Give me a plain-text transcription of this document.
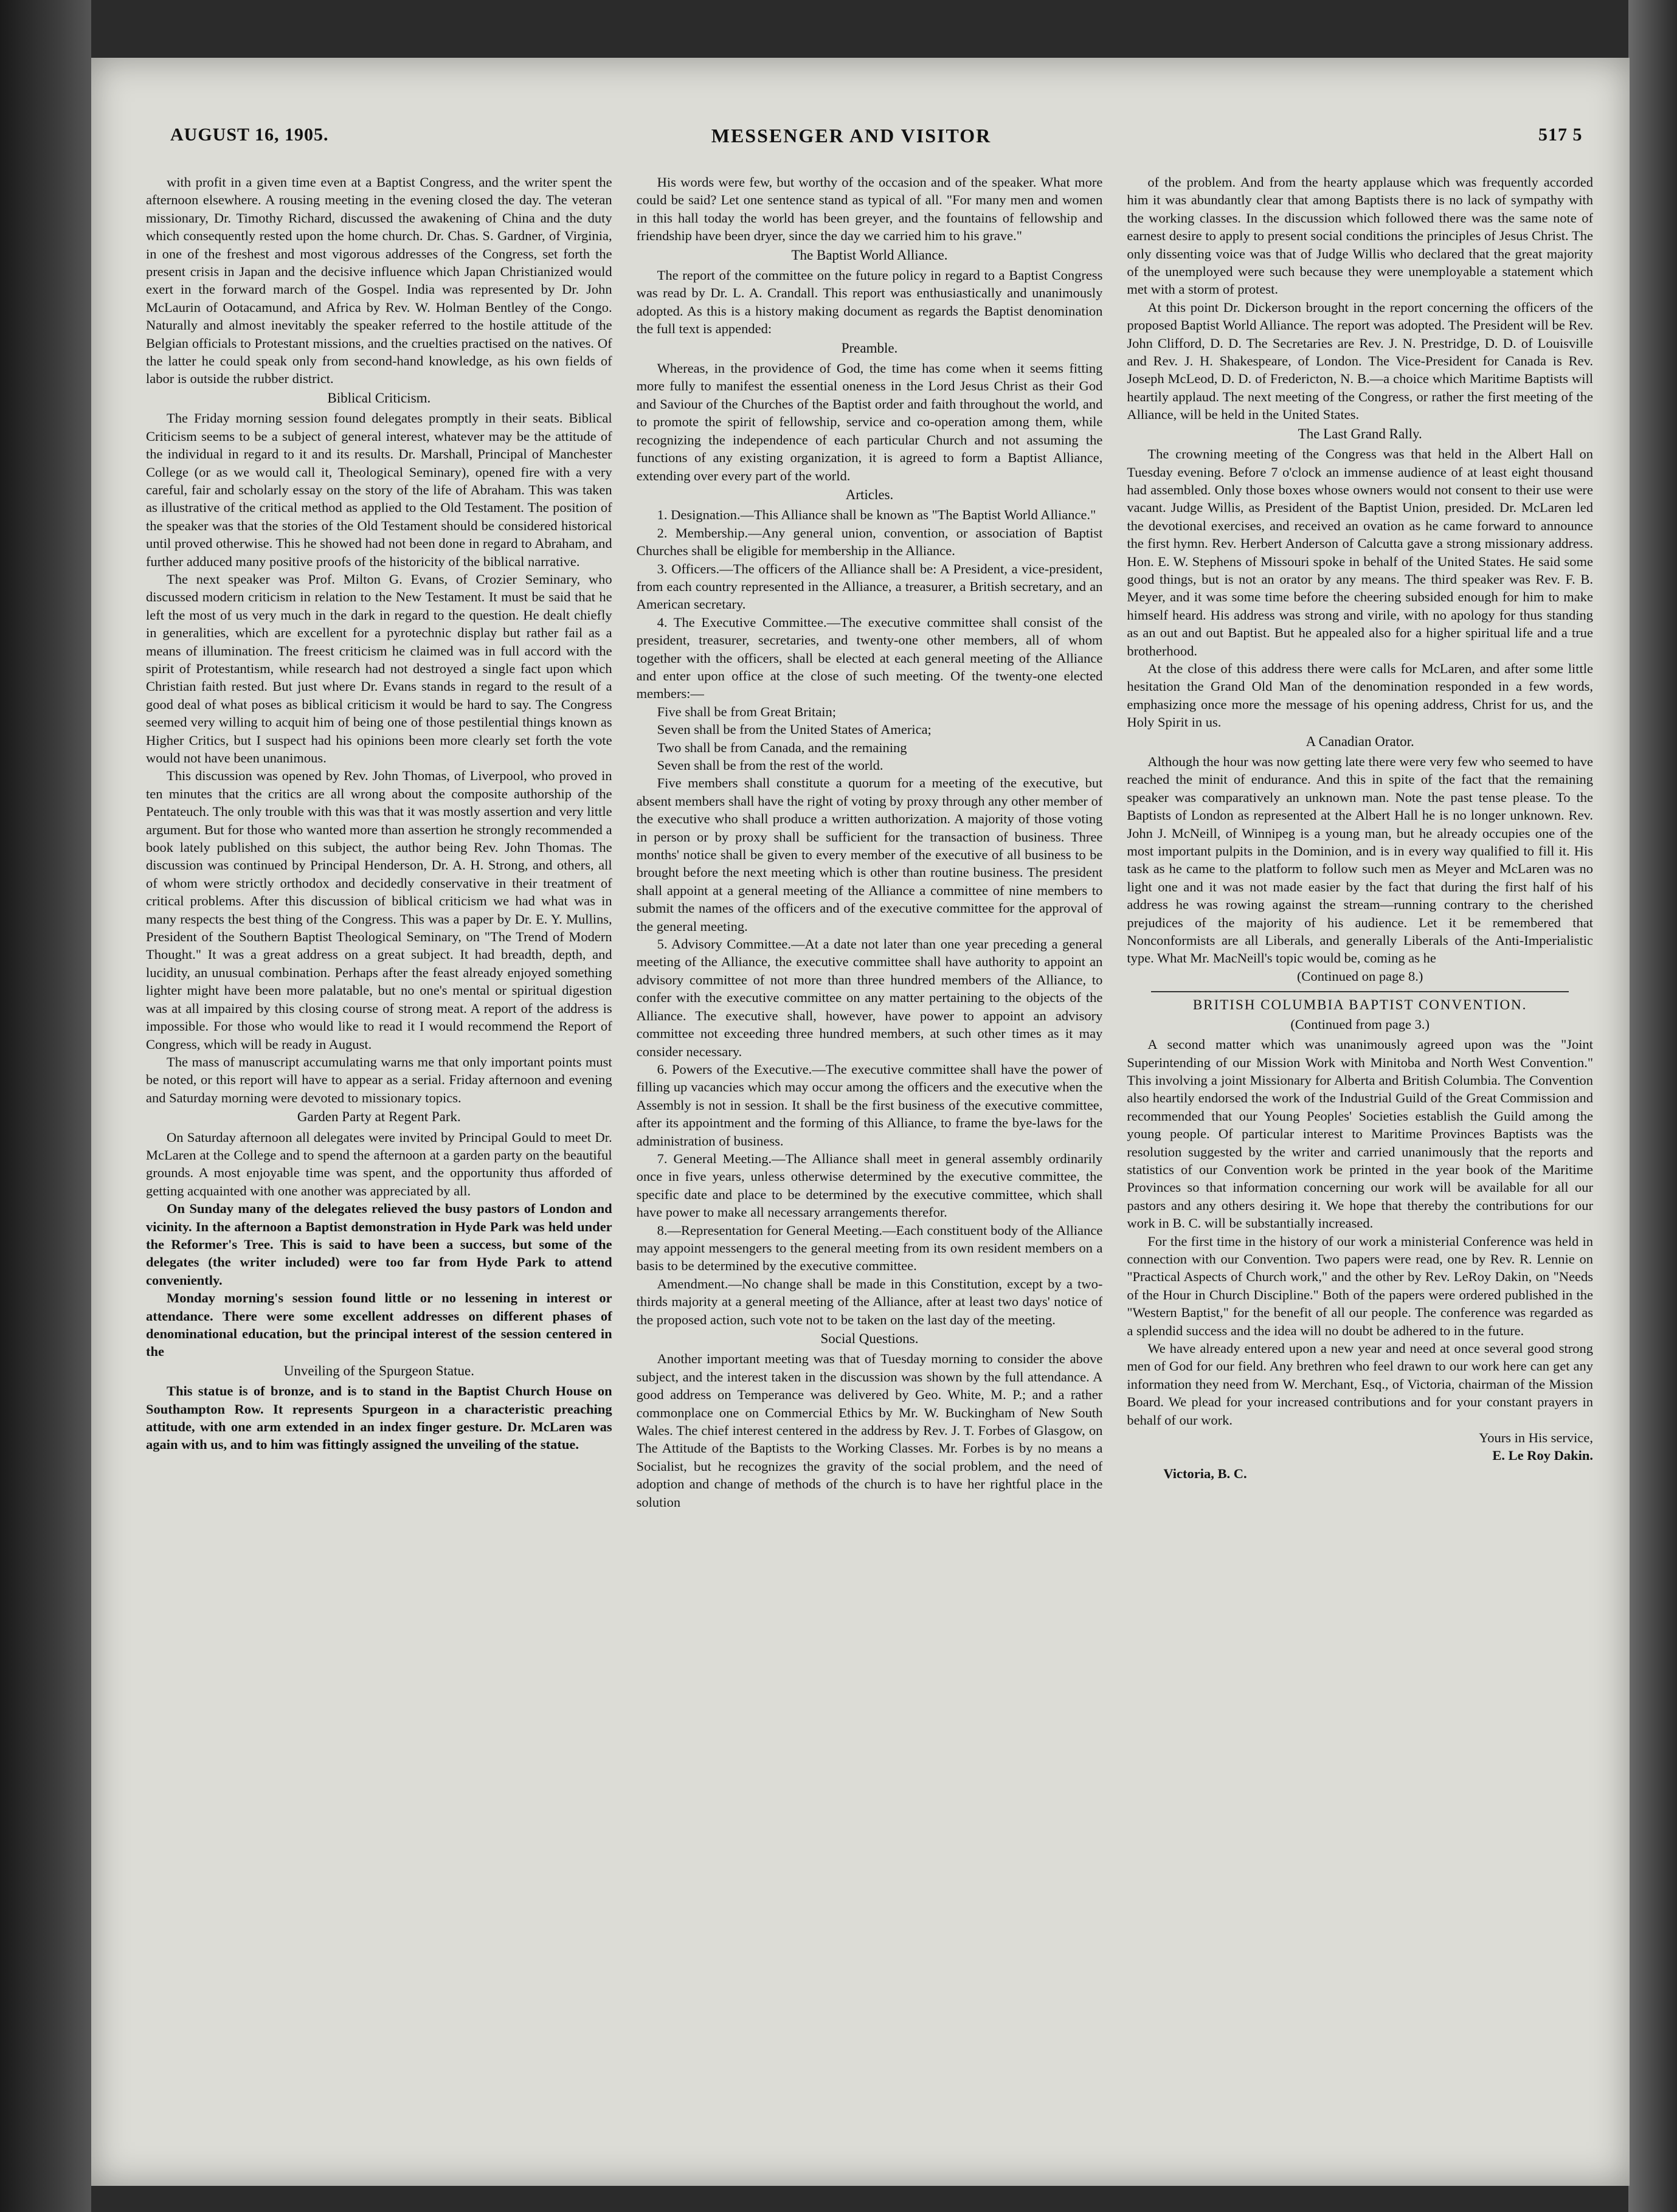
AUGUST 16, 1905.	MESSENGER AND VISITOR	517 5

with profit in a given time even at a Baptist Congress, and the writer spent the afternoon elsewhere. A rousing meeting in the evening closed the day. The veteran missionary, Dr. Timothy Richard, discussed the awakening of China and the duty which consequently rested upon the home church. Dr. Chas. S. Gardner, of Virginia, in one of the freshest and most vigorous addresses of the Congress, set forth the present crisis in Japan and the decisive influence which Japan Christianized would exert in the forward march of the Gospel. India was represented by Dr. John McLaurin of Ootacamund, and Africa by Rev. W. Holman Bentley of the Congo. Naturally and almost inevitably the speaker referred to the hostile attitude of the Belgian officials to Protestant missions, and the cruelties practised on the natives. Of the latter he could speak only from second-hand knowledge, as his own fields of labor is outside the rubber district.

Biblical Criticism.

The Friday morning session found delegates promptly in their seats. Biblical Criticism seems to be a subject of general interest, whatever may be the attitude of the individual in regard to it and its results. Dr. Marshall, Principal of Manchester College (or as we would call it, Theological Seminary), opened fire with a very careful, fair and scholarly essay on the story of the life of Abraham. This was taken as illustrative of the critical method as applied to the Old Testament. The position of the speaker was that the stories of the Old Testament should be considered historical until proved otherwise. This he showed had not been done in regard to Abraham, and further adduced many positive proofs of the historicity of the biblical narrative.

The next speaker was Prof. Milton G. Evans, of Crozier Seminary, who discussed modern criticism in relation to the New Testament. It must be said that he left the most of us very much in the dark in regard to the question. He dealt chiefly in generalities, which are excellent for a pyrotechnic display but rather fail as a means of illumination. The freest criticism he claimed was in full accord with the spirit of Protestantism, while research had not destroyed a single fact upon which Christian faith rested. But just where Dr. Evans stands in regard to the result of a good deal of what poses as biblical criticism it would be hard to say. The Congress seemed very willing to acquit him of being one of those pestilential things known as Higher Critics, but I suspect had his opinions been more clearly set forth the vote would not have been unanimous.

This discussion was opened by Rev. John Thomas, of Liverpool, who proved in ten minutes that the critics are all wrong about the composite authorship of the Pentateuch. The only trouble with this was that it was mostly assertion and very little argument. But for those who wanted more than assertion he strongly recommended a book lately published on this subject, the author being Rev. John Thomas. The discussion was continued by Principal Henderson, Dr. A. H. Strong, and others, all of whom were strictly orthodox and decidedly conservative in their treatment of critical problems. After this discussion of biblical criticism we had what was in many respects the best thing of the Congress. This was a paper by Dr. E. Y. Mullins, President of the Southern Baptist Theological Seminary, on "The Trend of Modern Thought." It was a great address on a great subject. It had breadth, depth, and lucidity, an unusual combination. Perhaps after the feast already enjoyed something lighter might have been more palatable, but no one's mental or spiritual digestion was at all impaired by this closing course of strong meat. A report of the address is impossible. For those who would like to read it I would recommend the Report of Congress, which will be ready in August.

The mass of manuscript accumulating warns me that only important points must be noted, or this report will have to appear as a serial. Friday afternoon and evening and Saturday morning were devoted to missionary topics.

Garden Party at Regent Park.

On Saturday afternoon all delegates were invited by Principal Gould to meet Dr. McLaren at the College and to spend the afternoon at a garden party on the beautiful grounds. A most enjoyable time was spent, and the opportunity thus afforded of getting acquainted with one another was appreciated by all.

On Sunday many of the delegates relieved the busy pastors of London and vicinity. In the afternoon a Baptist demonstration in Hyde Park was held under the Reformer's Tree. This is said to have been a success, but some of the delegates (the writer included) were too far from Hyde Park to attend conveniently.

Monday morning's session found little or no lessening in interest or attendance. There were some excellent addresses on different phases of denominational education, but the principal interest of the session centered in the

Unveiling of the Spurgeon Statue.

This statue is of bronze, and is to stand in the Baptist Church House on Southampton Row. It represents Spurgeon in a characteristic preaching attitude, with one arm extended in an index finger gesture. Dr. McLaren was again with us, and to him was fittingly assigned the unveiling of the statue.

His words were few, but worthy of the occasion and of the speaker. What more could be said? Let one sentence stand as typical of all. "For many men and women in this hall today the world has been greyer, and the fountains of fellowship and friendship have been dryer, since the day we carried him to his grave."

The Baptist World Alliance.

The report of the committee on the future policy in regard to a Baptist Congress was read by Dr. L. A. Crandall. This report was enthusiastically and unanimously adopted. As this is a history making document as regards the Baptist denomination the full text is appended:

Preamble.

Whereas, in the providence of God, the time has come when it seems fitting more fully to manifest the essential oneness in the Lord Jesus Christ as their God and Saviour of the Churches of the Baptist order and faith throughout the world, and to promote the spirit of fellowship, service and co-operation among them, while recognizing the independence of each particular Church and not assuming the functions of any existing organization, it is agreed to form a Baptist Alliance, extending over every part of the world.

Articles.

1. Designation.—This Alliance shall be known as "The Baptist World Alliance."

2. Membership.—Any general union, convention, or association of Baptist Churches shall be eligible for membership in the Alliance.

3. Officers.—The officers of the Alliance shall be: A President, a vice-president, from each country represented in the Alliance, a treasurer, a British secretary, and an American secretary.

4. The Executive Committee.—The executive committee shall consist of the president, treasurer, secretaries, and twenty-one other members, all of whom together with the officers, shall be elected at each general meeting of the Alliance and enter upon office at the close of such meeting. Of the twenty-one elected members:—

Five shall be from Great Britain;

Seven shall be from the United States of America;

Two shall be from Canada, and the remaining

Seven shall be from the rest of the world.

Five members shall constitute a quorum for a meeting of the executive, but absent members shall have the right of voting by proxy through any other member of the executive who shall produce a written authorization. A majority of those voting in person or by proxy shall be sufficient for the transaction of business. Three months' notice shall be given to every member of the executive of all business to be brought before the next meeting which is other than routine business. The president shall appoint at a general meeting of the Alliance a committee of nine members to submit the names of the officers and of the executive committee for the approval of the general meeting.

5. Advisory Committee.—At a date not later than one year preceding a general meeting of the Alliance, the executive committee shall have authority to appoint an advisory committee of not more than three hundred members of the Alliance, to confer with the executive committee on any matter pertaining to the objects of the Alliance. The executive shall, however, have power to appoint an advisory committee not exceeding three hundred members, at such other times as it may consider necessary.

6. Powers of the Executive.—The executive committee shall have the power of filling up vacancies which may occur among the officers and the executive when the Assembly is not in session. It shall be the first business of the executive committee, after its appointment and the forming of this Alliance, to frame the bye-laws for the administration of business.

7. General Meeting.—The Alliance shall meet in general assembly ordinarily once in five years, unless otherwise determined by the executive committee, the specific date and place to be determined by the executive committee, which shall have power to make all necessary arrangements therefor.

8.—Representation for General Meeting.—Each constituent body of the Alliance may appoint messengers to the general meeting from its own resident members on a basis to be determined by the executive committee.

Amendment.—No change shall be made in this Constitution, except by a two-thirds majority at a general meeting of the Alliance, after at least two days' notice of the proposed action, such vote not to be taken on the last day of the meeting.

Social Questions.

Another important meeting was that of Tuesday morning to consider the above subject, and the interest taken in the discussion was shown by the full attendance. A good address on Temperance was delivered by Geo. White, M. P.; and a rather commonplace one on Commercial Ethics by Mr. W. Buckingham of New South Wales. The chief interest centered in the address by Rev. J. T. Forbes of Glasgow, on The Attitude of the Baptists to the Working Classes. Mr. Forbes is by no means a Socialist, but he recognizes the gravity of the social problem, and the need of adoption and change of methods of the church is to have her rightful place in the solution

of the problem. And from the hearty applause which was frequently accorded him it was abundantly clear that among Baptists there is no lack of sympathy with the working classes. In the discussion which followed there was the same note of earnest desire to apply to present social conditions the principles of Jesus Christ. The only dissenting voice was that of Judge Willis who declared that the great majority of the unemployed were such because they were unemployable a statement which met with a storm of protest.

At this point Dr. Dickerson brought in the report concerning the officers of the proposed Baptist World Alliance. The report was adopted. The President will be Rev. John Clifford, D. D. The Secretaries are Rev. J. N. Prestridge, D. D. of Louisville and Rev. J. H. Shakespeare, of London. The Vice-President for Canada is Rev. Joseph McLeod, D. D. of Fredericton, N. B.—a choice which Maritime Baptists will heartily applaud. The next meeting of the Congress, or rather the first meeting of the Alliance, will be held in the United States.

The Last Grand Rally.

The crowning meeting of the Congress was that held in the Albert Hall on Tuesday evening. Before 7 o'clock an immense audience of at least eight thousand had assembled. Only those boxes whose owners would not consent to their use were vacant. Judge Willis, as President of the Baptist Union, presided. Dr. McLaren led the devotional exercises, and received an ovation as he came forward to announce the first hymn. Rev. Herbert Anderson of Calcutta gave a strong missionary address. Hon. E. W. Stephens of Missouri spoke in behalf of the United States. He said some good things, but is not an orator by any means. The third speaker was Rev. F. B. Meyer, and it was some time before the cheering subsided enough for him to make himself heard. His address was strong and virile, with no apology for thus standing as an out and out Baptist. But he appealed also for a higher spiritual life and a true brotherhood.

At the close of this address there were calls for McLaren, and after some little hesitation the Grand Old Man of the denomination responded in a few words, emphasizing once more the message of his opening address, Christ for us, and the Holy Spirit in us.

A Canadian Orator.

Although the hour was now getting late there were very few who seemed to have reached the minit of endurance. And this in spite of the fact that the remaining speaker was comparatively an unknown man. Note the past tense please. To the Baptists of London as represented at the Albert Hall he is no longer unknown. Rev. John J. McNeill, of Winnipeg is a young man, but he already occupies one of the most important pulpits in the Dominion, and is in every way qualified to fill it. His task as he came to the platform to follow such men as Meyer and McLaren was no light one and it was not made easier by the fact that during the first half of his address he was rowing against the stream—running contrary to the cherished prejudices of the majority of his audience. Let it be remembered that Nonconformists are all Liberals, and generally Liberals of the Anti-Imperialistic type. What Mr. MacNeill's topic would be, coming as he

(Continued on page 8.)

BRITISH COLUMBIA BAPTIST CONVENTION.

(Continued from page 3.)

A second matter which was unanimously agreed upon was the "Joint Superintending of our Mission Work with Minitoba and North West Convention." This involving a joint Missionary for Alberta and British Columbia. The Convention also heartily endorsed the work of the Industrial Guild of the Great Commission and recommended that our Young Peoples' Societies establish the Guild among the young people. Of particular interest to Maritime Provinces Baptists was the resolution suggested by the writer and carried unanimously that the reports and statistics of our Convention work be printed in the year book of the Maritime Provinces so that information concerning our work will be available for all our pastors and any others desiring it. We hope that thereby the contributions for our work in B. C. will be substantially increased.

For the first time in the history of our work a ministerial Conference was held in connection with our Convention. Two papers were read, one by Rev. R. Lennie on "Practical Aspects of Church work," and the other by Rev. LeRoy Dakin, on "Needs of the Hour in Church Discipline." Both of the papers were ordered published in the "Western Baptist," for the benefit of all our people. The conference was regarded as a splendid success and the idea will no doubt be adhered to in the future.

We have already entered upon a new year and need at once several good strong men of God for our field. Any brethren who feel drawn to our work here can get any information they need from W. Merchant, Esq., of Victoria, chairman of the Mission Board. We plead for your increased contributions and for your constant prayers in behalf of our work.

Yours in His service,

E. Le Roy Dakin.

Victoria, B. C.
